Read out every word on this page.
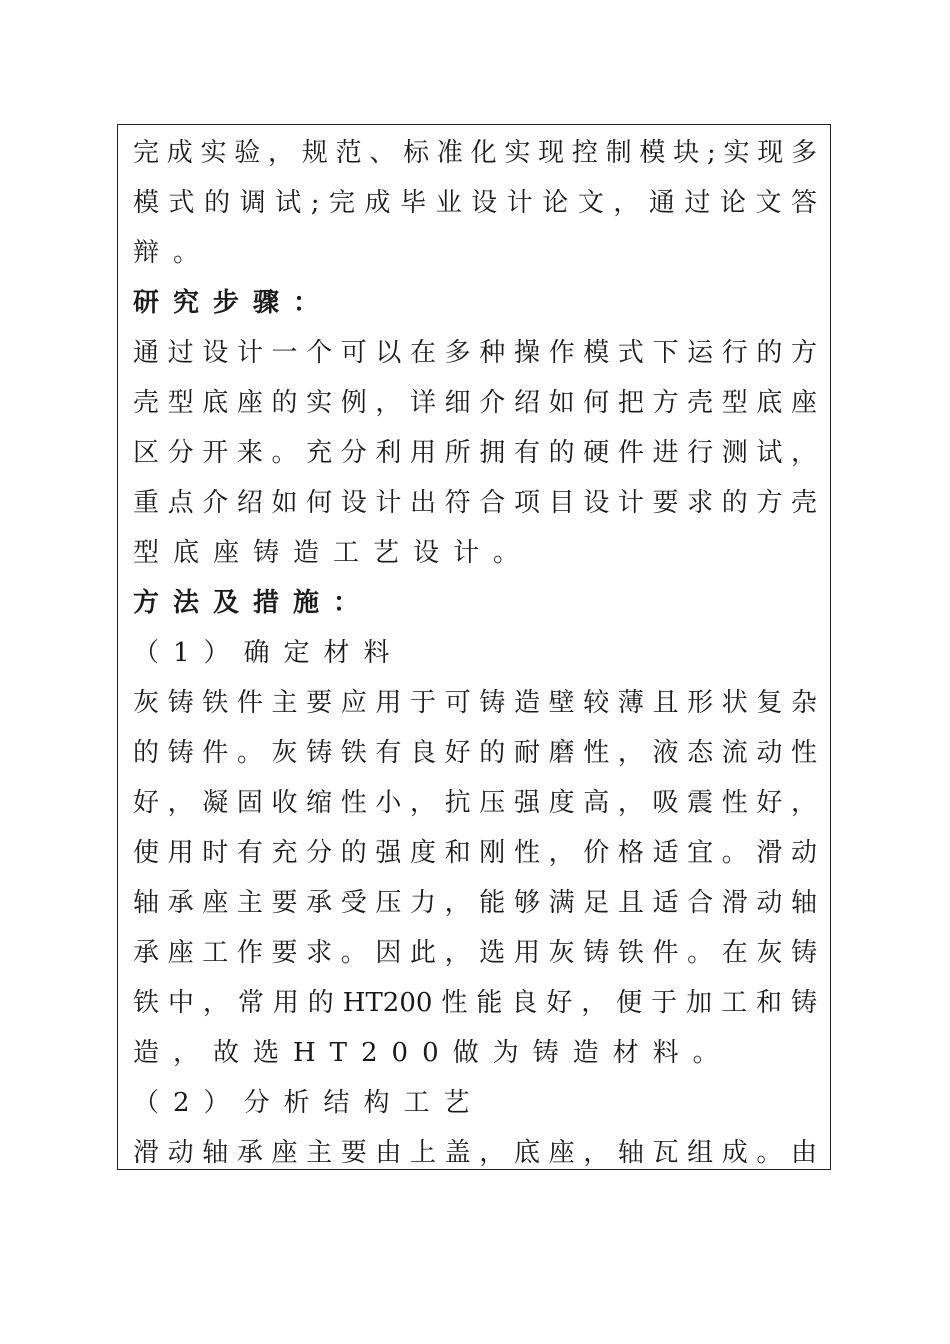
完成实验，规范、标准化实现控制模块;实现多
模式的调试;完成毕业设计论文，通过论文答
辩。
研究步骤：
通过设计一个可以在多种操作模式下运行的方
壳型底座的实例，详细介绍如何把方壳型底座
区分开来。充分利用所拥有的硬件进行测试，
重点介绍如何设计出符合项目设计要求的方壳
型底座铸造工艺设计。
方法及措施：
（1）确定材料
灰铸铁件主要应用于可铸造壁较薄且形状复杂
的铸件。灰铸铁有良好的耐磨性，液态流动性
好，凝固收缩性小，抗压强度高，吸震性好，
使用时有充分的强度和刚性，价格适宜。滑动
轴承座主要承受压力，能够满足且适合滑动轴
承座工作要求。因此，选用灰铸铁件。在灰铸
铁中，常用的HT200性能良好，便于加工和铸
造，故选HT200做为铸造材料。
（2）分析结构工艺
滑动轴承座主要由上盖，底座，轴瓦组成。由
